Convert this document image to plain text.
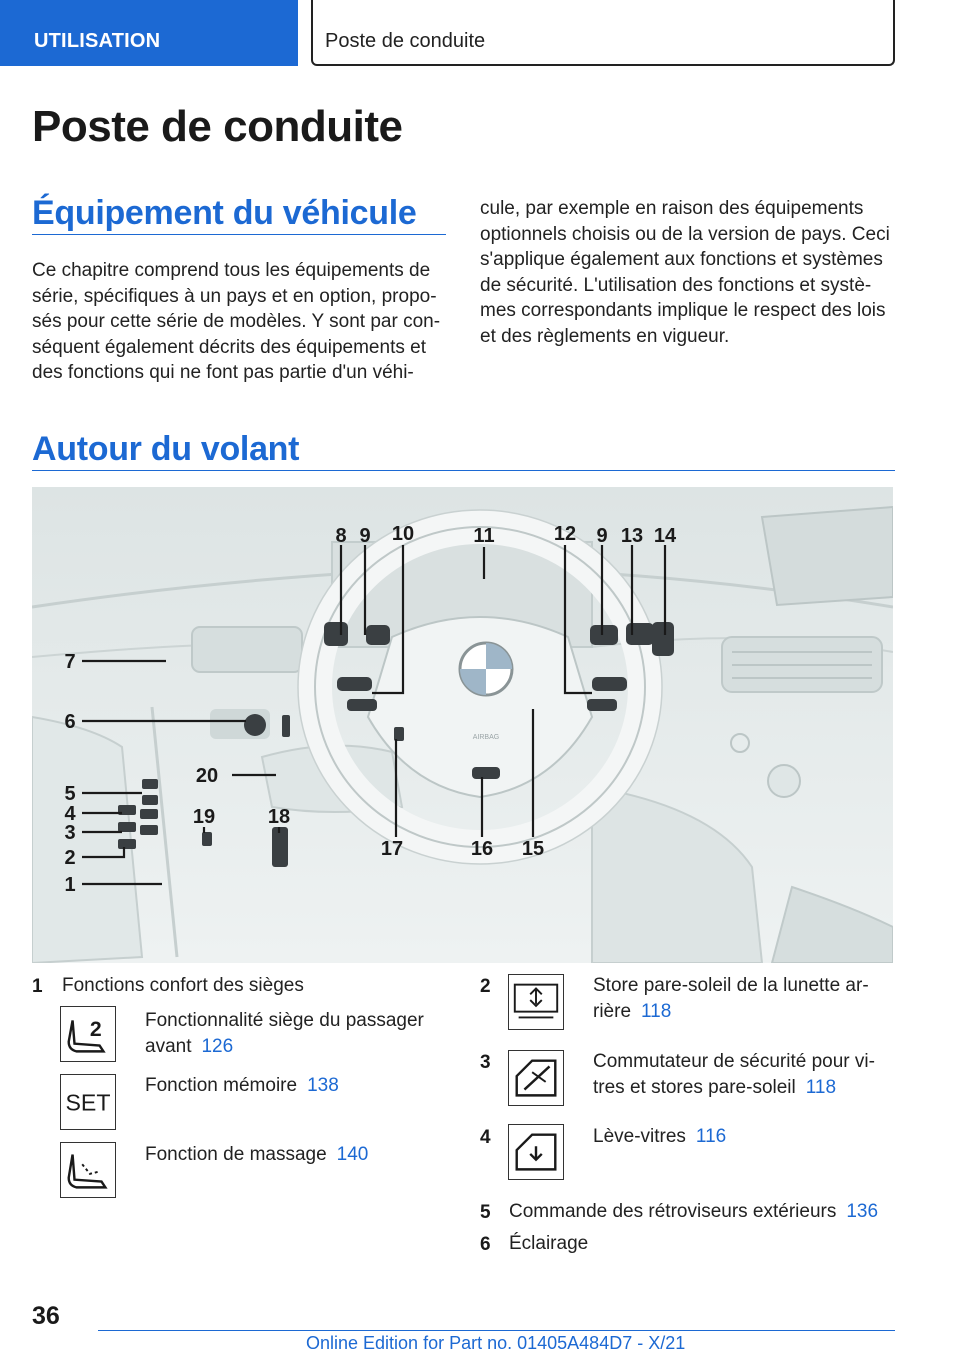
UTILISATION	Poste de conduite
Poste de conduite
Équipement du véhicule
Ce chapitre comprend tous les équipements de
série, spécifiques à un pays et en option, propo-
sés pour cette série de modèles. Y sont par con-
séquent également décrits des équipements et
des fonctions qui ne font pas partie d'un véhi-
cule, par exemple en raison des équipements
optionnels choisis ou de la version de pays. Ceci
s'applique également aux fonctions et systèmes
de sécurité. L'utilisation des fonctions et systè-
mes correspondants implique le respect des lois
et des règlements en vigueur.
Autour du volant
AIRBAG
8 9 10	11	12 9 13 14
7
6
20
5
4
3
2
1
19	18
17	16 15
1 Fonctions confort des sièges
2 Fonctionnalité siège du passager
avant 126
SET
Fonction mémoire 138
Fonction de massage 140
2	Store pare-soleil de la lunette ar-
rière 118
3	Commutateur de sécurité pour vi-
tres et stores pare-soleil 118
4	Lève-vitres 116
5 Commande des rétroviseurs extérieurs 136
6 Éclairage
36
Online Edition for Part no. 01405A484D7 - X/21
